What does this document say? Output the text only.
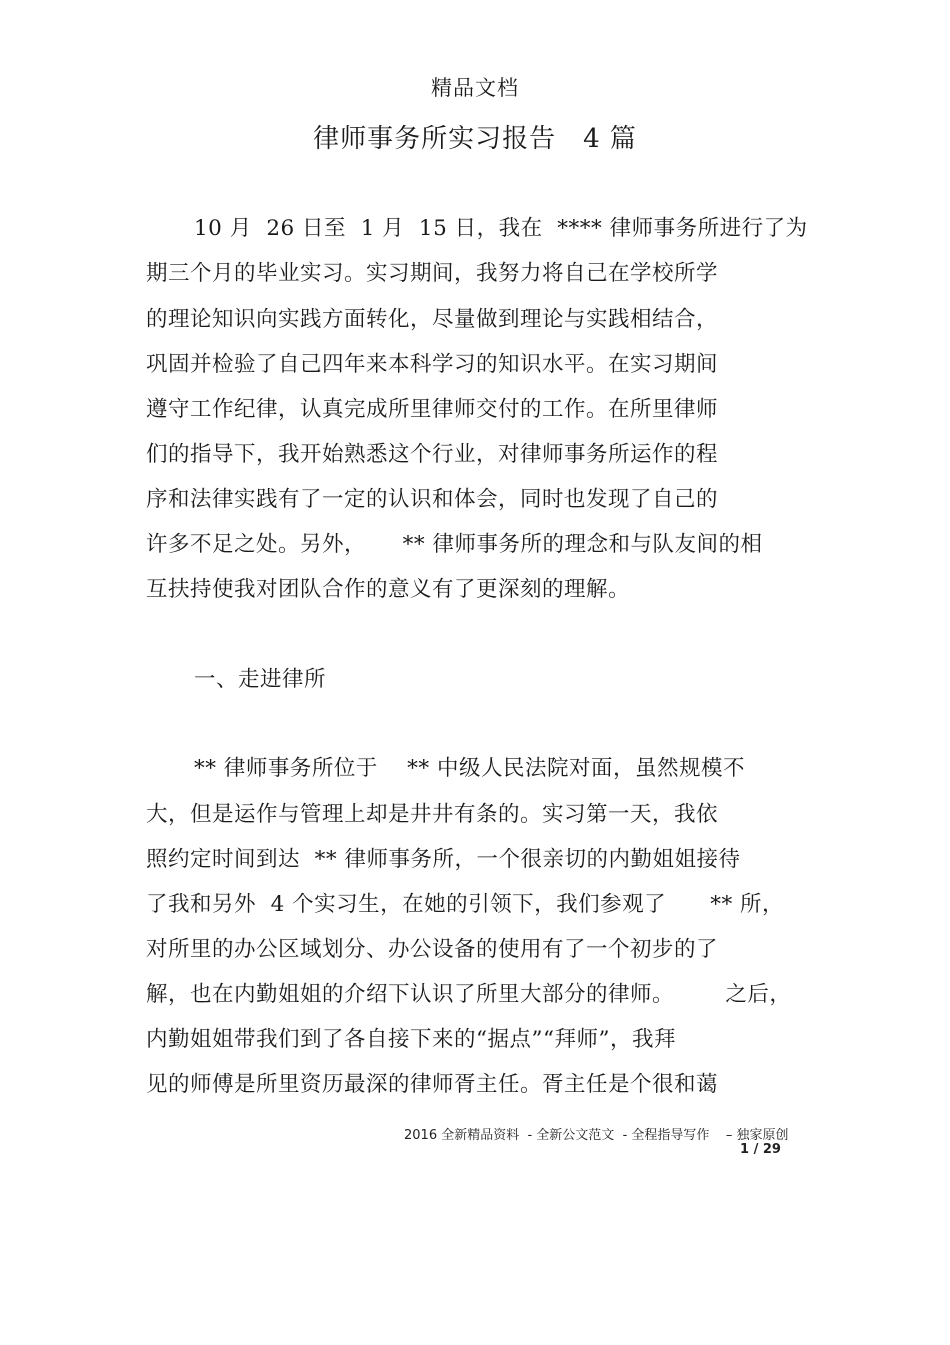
精品文档
律师事务所实习报告　4 篇
10 月  26 日至  1 月  15 日，我在  **** 律师事务所进行了为
期三个月的毕业实习。实习期间，我努力将自己在学校所学
的理论知识向实践方面转化，尽量做到理论与实践相结合，
巩固并检验了自己四年来本科学习的知识水平。在实习期间
遵守工作纪律，认真完成所里律师交付的工作。在所里律师
们的指导下，我开始熟悉这个行业，对律师事务所运作的程
序和法律实践有了一定的认识和体会，同时也发现了自己的
许多不足之处。另外，     ** 律师事务所的理念和与队友间的相
互扶持使我对团队合作的意义有了更深刻的理解。
一、走进律所
** 律师事务所位于    ** 中级人民法院对面，虽然规模不
大，但是运作与管理上却是井井有条的。实习第一天，我依
照约定时间到达  ** 律师事务所，一个很亲切的内勤姐姐接待
了我和另外  4 个实习生，在她的引领下，我们参观了      ** 所，
对所里的办公区域划分、办公设备的使用有了一个初步的了
解，也在内勤姐姐的介绍下认识了所里大部分的律师。       之后，
内勤姐姐带我们到了各自接下来的“据点”“拜师”，我拜
见的师傅是所里资历最深的律师胥主任。胥主任是个很和蔼
2016 全新精品资料  - 全新公文范文  - 全程指导写作    – 独家原创
1 / 29
